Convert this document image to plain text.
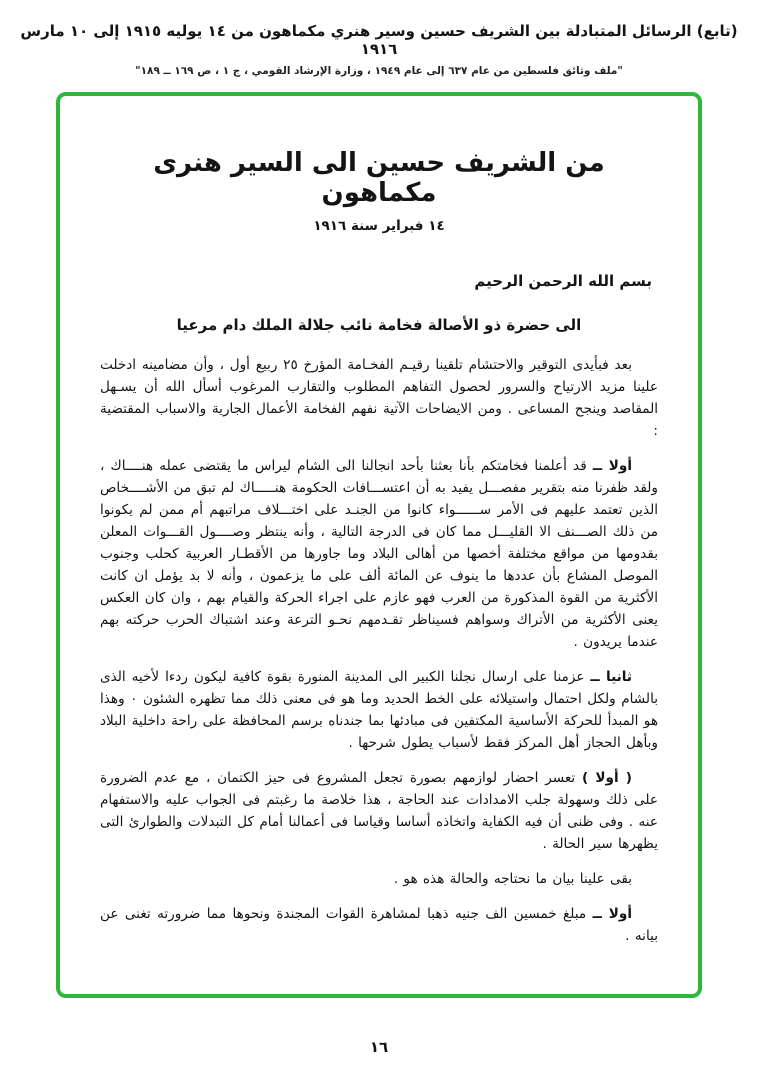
(تابع) الرسائل المتبادلة بين الشريف حسين وسير هنري مكماهون من ١٤ يوليه ١٩١٥ إلى ١٠ مارس ١٩١٦
"ملف وثائق فلسطين من عام ٦٣٧ إلى عام ١٩٤٩ ، وزارة الإرشاد القومي ، ج ١ ، ص ١٦٩ ــ ١٨٩"
من الشريف حسين الى السير هنرى مكماهون
١٤ فبراير سنة ١٩١٦
بسم الله الرحمن الرحيم
الى حضرة ذو الأصالة فخامة نائب جلالة الملك دام مرعيا

بعد فبأيدى التوقير والاحتشام تلقينا رقيـم الفخـامة المؤرخ ٢٥ ربيع أول ، وأن مضامينه ادخلت علينا مزيد الارتياح والسرور لحصول التفاهم المطلوب والتقارب المرغوب أسأل الله أن يسـهل المقاصد وينجح المساعى . ومن الايضاحات الآتية نفهم الفخامة الأعمال الجارية والاسباب المقتضية :

أولا ــ قد أعلمنا فخامتكم بأنا بعثنا بأحد انجالنا الى الشام ليراس ما يقتضى عمله هنــــاك ، ولقد ظفرنا منه بتقرير مفصـــل يفيد به أن اعتســـافات الحكومة هنـــــاك لم تبق من الأشــــخاص الذين تعتمد عليهم فى الأمر ســــــواء كانوا من الجنـد على اختـــلاف مراتبهم أم ممن لم يكونوا من ذلك الصـــنف الا القليـــل مما كان فى الدرجة التالية ، وأنه ينتظر وصــــول القـــوات المعلن بقدومها من مواقع مختلفة أخصها من أهالى البلاد وما جاورها من الأقطـار العربية كحلب وجنوب الموصل المشاع بأن عددها ما ينوف عن المائة ألف على ما يزعمون ، وأنه لا بد يؤمل ان كانت الأكثرية من القوة المذكورة من العرب فهو عازم على اجراء الحركة والقيام بهم ، وان كان العكس يعنى الأكثرية من الأتراك وسواهم فسيناظر تقـدمهم نحـو الترعة وعند اشتباك الحرب حركته بهم عندما يريدون .

ثانيا ــ عزمنا على ارسال نجلنا الكبير الى المدينة المنورة بقوة كافية ليكون ردءا لأخيه الذى بالشام ولكل احتمال واستيلائه على الخط الحديد وما هو فى معنى ذلك مما تظهره الشئون ٠ وهذا هو المبدأ للحركة الأساسية المكتفين فى مبادئها بما جندناه برسم المحافظة على راحة داخلية البلاد وبأهل الحجاز أهل المركز فقط لأسباب يطول شرحها .

( أولا ) تعسر احضار لوازمهم بصورة تجعل المشروع فى حيز الكتمان ، مع عدم الضرورة على ذلك وسهولة جلب الامدادات عند الحاجة ، هذا خلاصة ما رغبتم فى الجواب عليه والاستفهام عنه . وفى ظنى أن فيه الكفاية واتخاذه أساسا وقياسا فى أعمالنا أمام كل التبدلات والطوارئ التى يظهرها سير الحالة .

بقى علينا بيان ما نحتاجه والحالة هذه هو .

أولا ــ مبلغ خمسين الف جنيه ذهبا لمشاهرة القوات المجندة ونحوها مما ضرورته تغنى عن بيانه .

١٦
